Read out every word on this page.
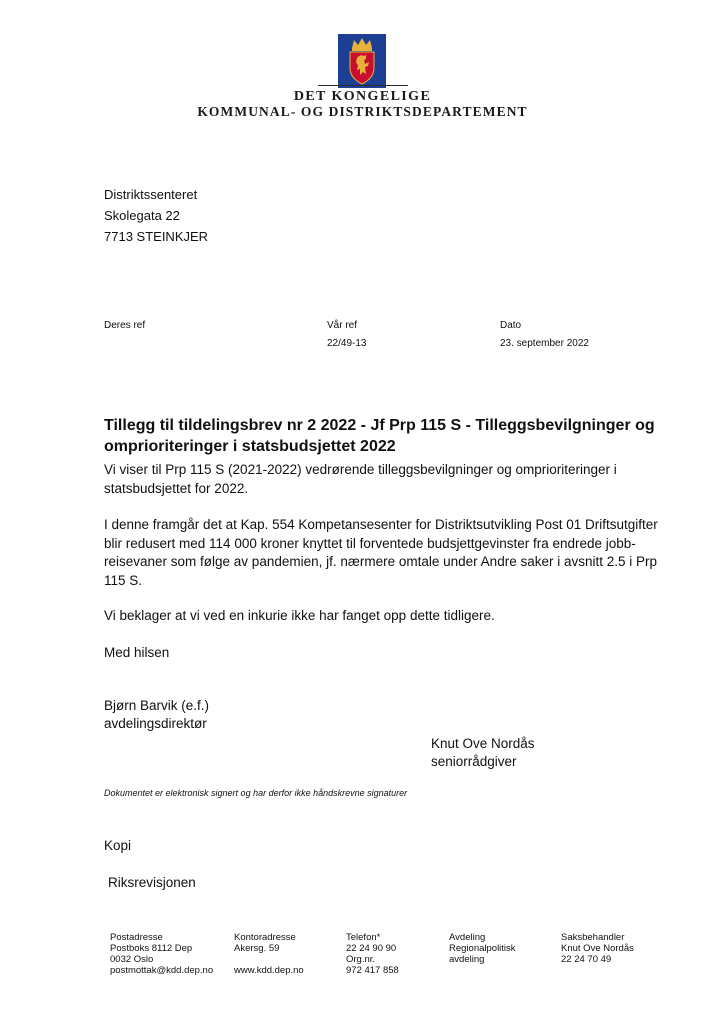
DET KONGELIGE
KOMMUNAL- OG DISTRIKTSDEPARTEMENT
Distriktssenteret
Skolegata 22
7713 STEINKJER
Deres ref	Vår ref
22/49-13
Dato
23. september 2022
Tillegg til tildelingsbrev nr 2 2022 - Jf Prp 115 S - Tilleggsbevilgninger og omprioriteringer i statsbudsjettet 2022
Vi viser til Prp 115 S (2021-2022) vedrørende tilleggsbevilgninger og omprioriteringer i statsbudsjettet for 2022.
I denne framgår det at Kap. 554 Kompetansesenter for Distriktsutvikling Post 01 Driftsutgifter blir redusert med 114 000 kroner knyttet til forventede budsjettgevinster fra endrede jobb-reisevaner som følge av pandemien, jf. nærmere omtale under Andre saker i avsnitt 2.5 i Prp 115 S.
Vi beklager at vi ved en inkurie ikke har fanget opp dette tidligere.
Med hilsen
Bjørn Barvik (e.f.)
avdelingsdirektør
Knut Ove Nordås
seniorrådgiver
Dokumentet er elektronisk signert og har derfor ikke håndskrevne signaturer
Kopi
Riksrevisjonen
Postadresse
Postboks 8112 Dep
0032 Oslo
postmottak@kdd.dep.no
Kontoradresse
Akersg. 59

www.kdd.dep.no
Telefon*
22 24 90 90
Org.nr.
972 417 858
Avdeling
Regionalpolitisk
avdeling
Saksbehandler
Knut Ove Nordås
22 24 70 49
